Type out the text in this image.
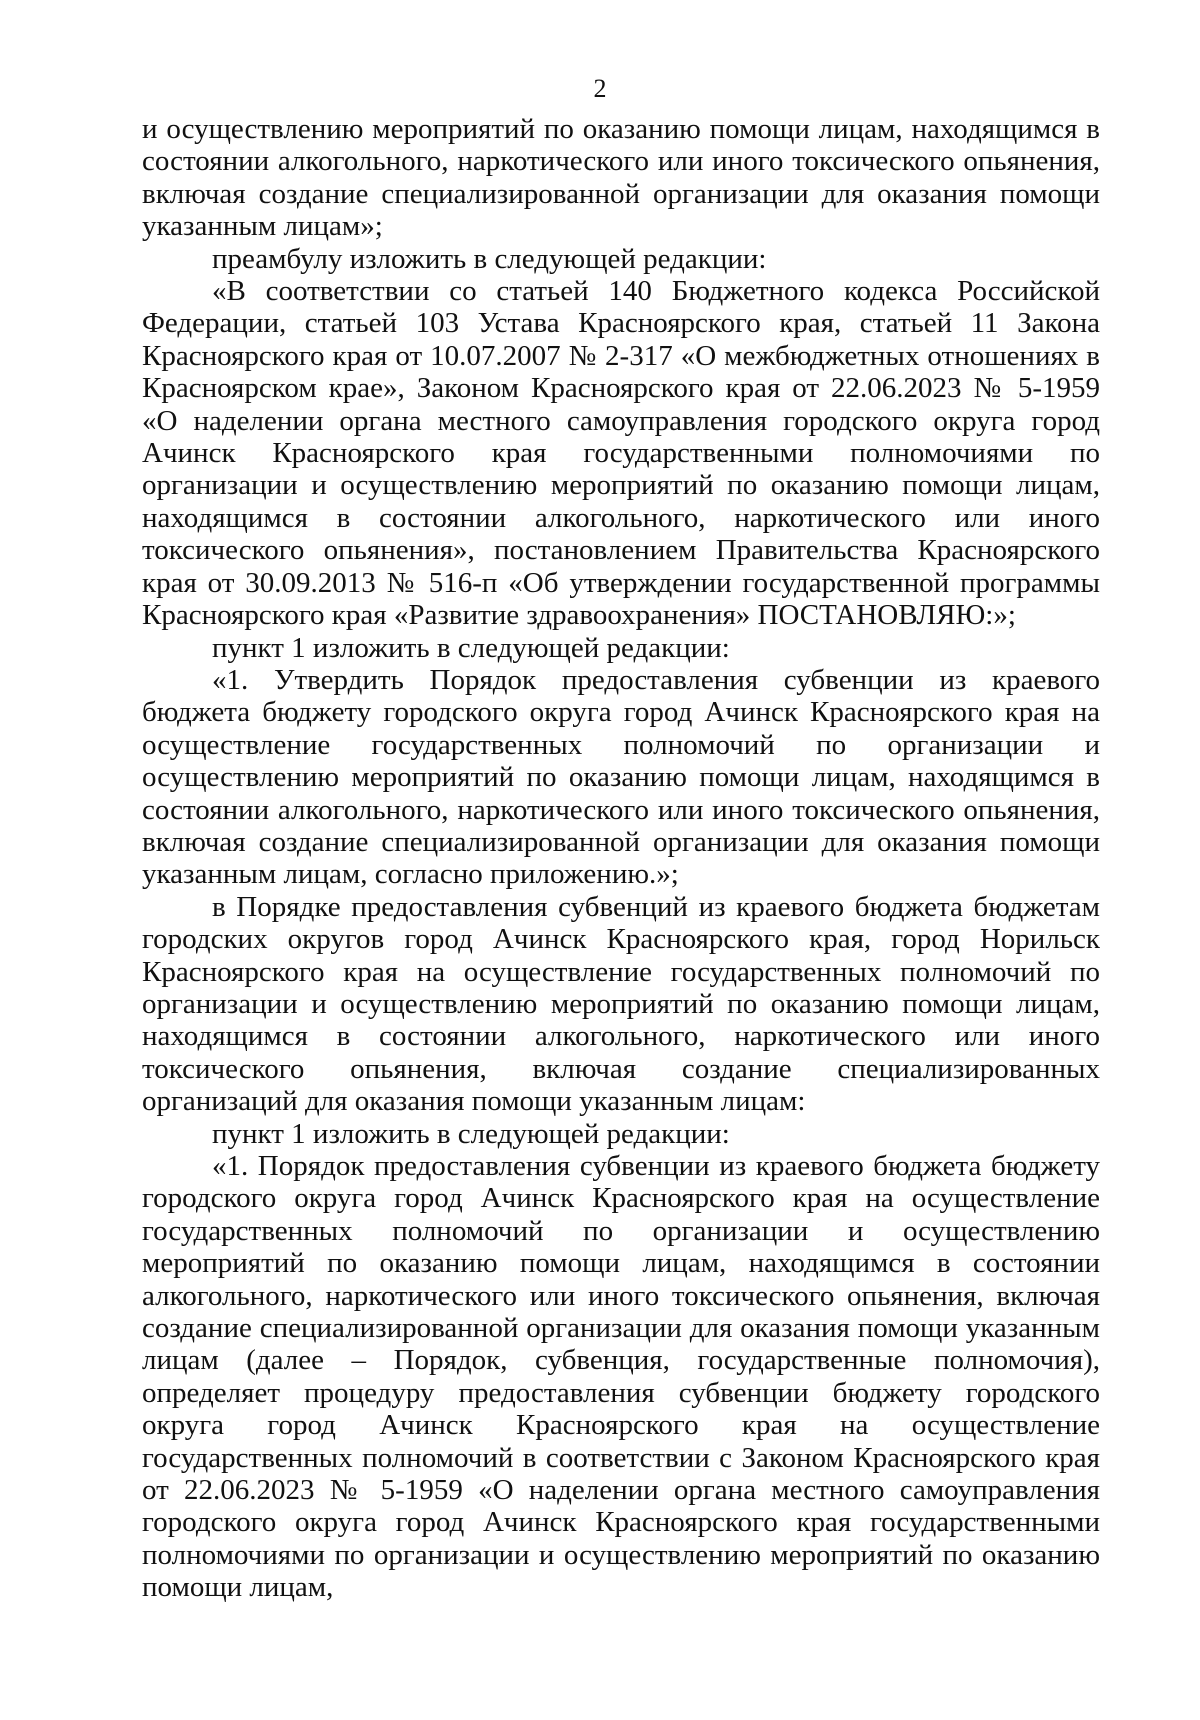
2

и осуществлению мероприятий по оказанию помощи лицам, находящимся в состоянии алкогольного, наркотического или иного токсического опьянения, включая создание специализированной организации для оказания помощи указанным лицам»;

преамбулу изложить в следующей редакции:

«В соответствии со статьей 140 Бюджетного кодекса Российской Федерации, статьей 103 Устава Красноярского края, статьей 11 Закона Красноярского края от 10.07.2007 № 2-317 «О межбюджетных отношениях в Красноярском крае», Законом Красноярского края от 22.06.2023 № 5-1959 «О наделении органа местного самоуправления городского округа город Ачинск Красноярского края государственными полномочиями по организации и осуществлению мероприятий по оказанию помощи лицам, находящимся в состоянии алкогольного, наркотического или иного токсического опьянения», постановлением Правительства Красноярского края от 30.09.2013 № 516-п «Об утверждении государственной программы Красноярского края «Развитие здравоохранения» ПОСТАНОВЛЯЮ:»;

пункт 1 изложить в следующей редакции:

«1. Утвердить Порядок предоставления субвенции из краевого бюджета бюджету городского округа город Ачинск Красноярского края на осуществление государственных полномочий по организации и осуществлению мероприятий по оказанию помощи лицам, находящимся в состоянии алкогольного, наркотического или иного токсического опьянения, включая создание специализированной организации для оказания помощи указанным лицам, согласно приложению.»;

в Порядке предоставления субвенций из краевого бюджета бюджетам городских округов город Ачинск Красноярского края, город Норильск Красноярского края на осуществление государственных полномочий по организации и осуществлению мероприятий по оказанию помощи лицам, находящимся в состоянии алкогольного, наркотического или иного токсического опьянения, включая создание специализированных организаций для оказания помощи указанным лицам:

пункт 1 изложить в следующей редакции:

«1. Порядок предоставления субвенции из краевого бюджета бюджету городского округа город Ачинск Красноярского края на осуществление государственных полномочий по организации и осуществлению мероприятий по оказанию помощи лицам, находящимся в состоянии алкогольного, наркотического или иного токсического опьянения, включая создание специализированной организации для оказания помощи указанным лицам (далее – Порядок, субвенция, государственные полномочия), определяет процедуру предоставления субвенции бюджету городского округа город Ачинск Красноярского края на осуществление государственных полномочий в соответствии с Законом Красноярского края от 22.06.2023 № 5-1959 «О наделении органа местного самоуправления городского округа город Ачинск Красноярского края государственными полномочиями по организации и осуществлению мероприятий по оказанию помощи лицам,
